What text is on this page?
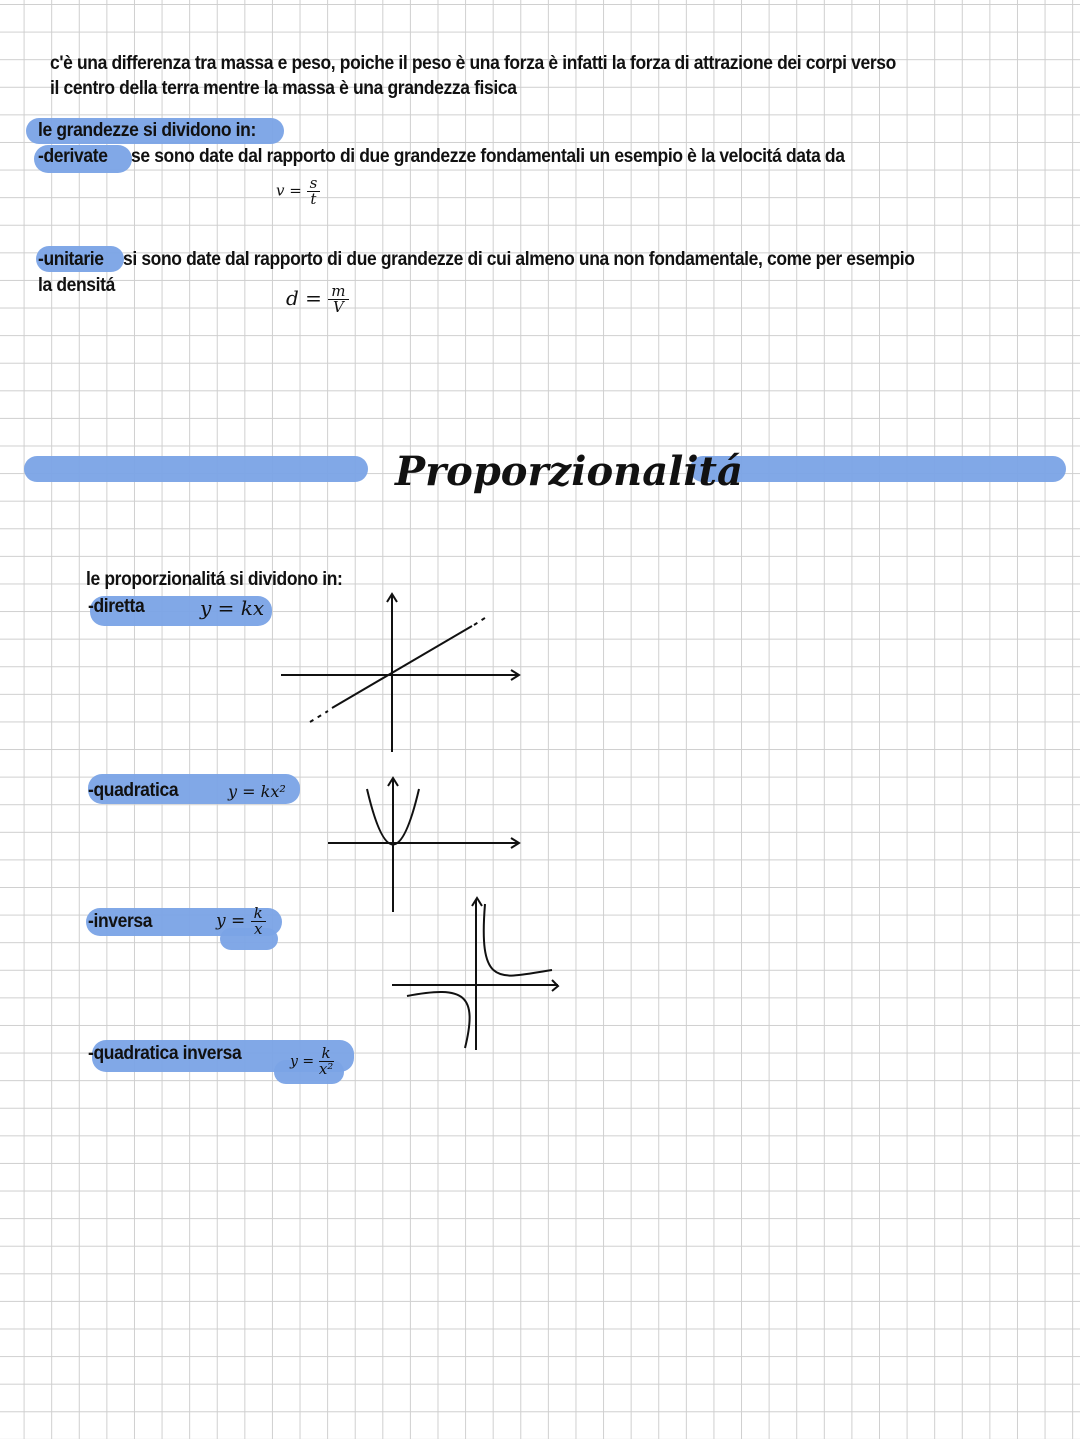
c'è una differenza tra massa e peso, poiche il peso è una forza è infatti la forza di attrazione dei corpi verso
il centro della terra mentre la massa è una grandezza fisica
le grandezze si dividono in:
-derivate se sono date dal rapporto di due grandezze fondamentali un esempio è la velocitá data da
$v = \frac{s}{t}$
-unitarie si sono date dal rapporto di due grandezze di cui almeno una non fondamentale, come per esempio
la densitá
$d = \frac{m}{V}$
Proporzionalitá
le proporzionalitá si dividono in:
-diretta	y = kx
-quadratica	y = kx²
-inversa	$y = \frac{k}{x}$
-quadratica inversa	$y = \frac{k}{\text{x²}}$
